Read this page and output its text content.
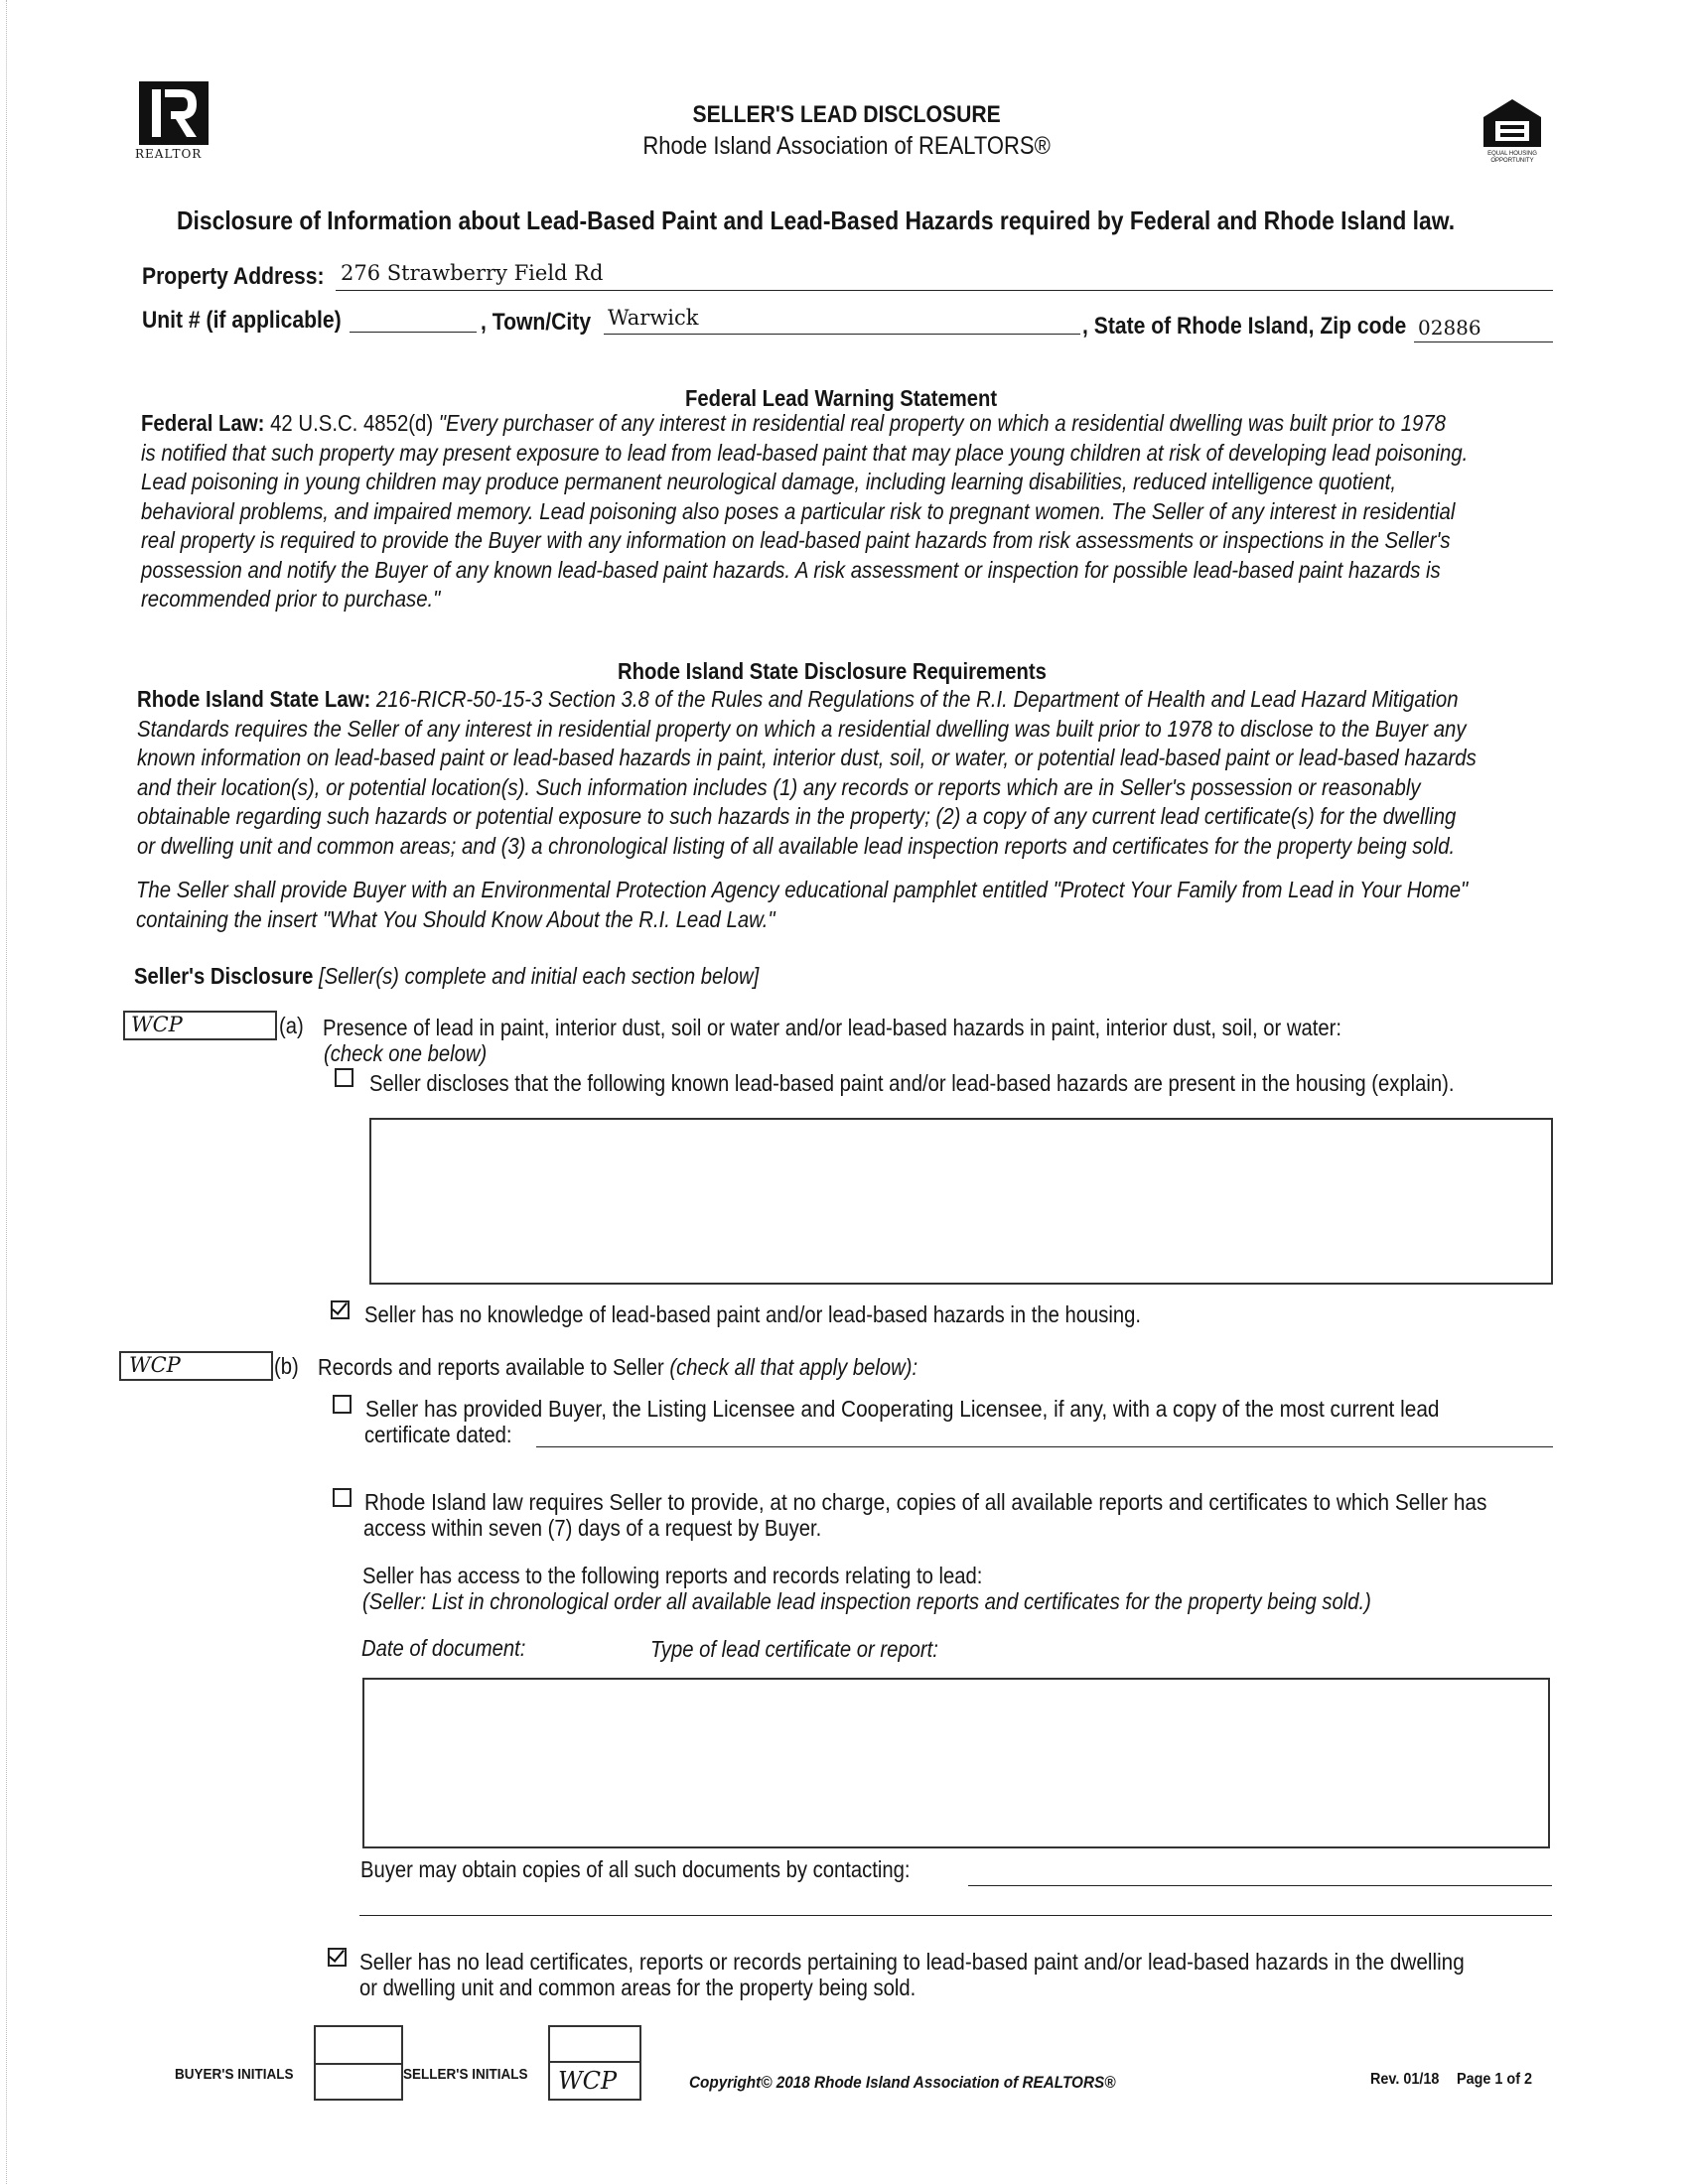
REALTOR
SELLER'S LEAD DISCLOSURE
Rhode Island Association of REALTORS®	EQUAL HOUSING OPPORTUNITY
Disclosure of Information about Lead-Based Paint and Lead-Based Hazards required by Federal and Rhode Island law.
Property Address: 276 Strawberry Field Rd
Unit # (if applicable)	, Town/City Warwick	, State of Rhode Island, Zip code 02886
Federal Lead Warning Statement
Federal Law: 42 U.S.C. 4852(d) "Every purchaser of any interest in residential real property on which a residential dwelling was built prior to 1978
is notified that such property may present exposure to lead from lead-based paint that may place young children at risk of developing lead poisoning.
Lead poisoning in young children may produce permanent neurological damage, including learning disabilities, reduced intelligence quotient,
behavioral problems, and impaired memory. Lead poisoning also poses a particular risk to pregnant women. The Seller of any interest in residential
real property is required to provide the Buyer with any information on lead-based paint hazards from risk assessments or inspections in the Seller's
possession and notify the Buyer of any known lead-based paint hazards. A risk assessment or inspection for possible lead-based paint hazards is
recommended prior to purchase."
Rhode Island State Disclosure Requirements
Rhode Island State Law: 216-RICR-50-15-3 Section 3.8 of the Rules and Regulations of the R.I. Department of Health and Lead Hazard Mitigation
Standards requires the Seller of any interest in residential property on which a residential dwelling was built prior to 1978 to disclose to the Buyer any
known information on lead-based paint or lead-based hazards in paint, interior dust, soil, or water, or potential lead-based paint or lead-based hazards
and their location(s), or potential location(s). Such information includes (1) any records or reports which are in Seller's possession or reasonably
obtainable regarding such hazards or potential exposure to such hazards in the property; (2) a copy of any current lead certificate(s) for the dwelling
or dwelling unit and common areas; and (3) a chronological listing of all available lead inspection reports and certificates for the property being sold.
The Seller shall provide Buyer with an Environmental Protection Agency educational pamphlet entitled "Protect Your Family from Lead in Your Home"
containing the insert "What You Should Know About the R.I. Lead Law."
Seller's Disclosure [Seller(s) complete and initial each section below]
WCP	(a) Presence of lead in paint, interior dust, soil or water and/or lead-based hazards in paint, interior dust, soil, or water:
(check one below)
Seller discloses that the following known lead-based paint and/or lead-based hazards are present in the housing (explain).
Seller has no knowledge of lead-based paint and/or lead-based hazards in the housing.
WCP	(b) Records and reports available to Seller (check all that apply below):
Seller has provided Buyer, the Listing Licensee and Cooperating Licensee, if any, with a copy of the most current lead
certificate dated:
Rhode Island law requires Seller to provide, at no charge, copies of all available reports and certificates to which Seller has
access within seven (7) days of a request by Buyer.
Seller has access to the following reports and records relating to lead:
(Seller: List in chronological order all available lead inspection reports and certificates for the property being sold.)
Date of document:	Type of lead certificate or report:
Buyer may obtain copies of all such documents by contacting:
Seller has no lead certificates, reports or records pertaining to lead-based paint and/or lead-based hazards in the dwelling
or dwelling unit and common areas for the property being sold.
BUYER'S INITIALS	SELLER'S INITIALS WCP	Copyright© 2018 Rhode Island Association of REALTORS®	Rev. 01/18 Page 1 of 2
